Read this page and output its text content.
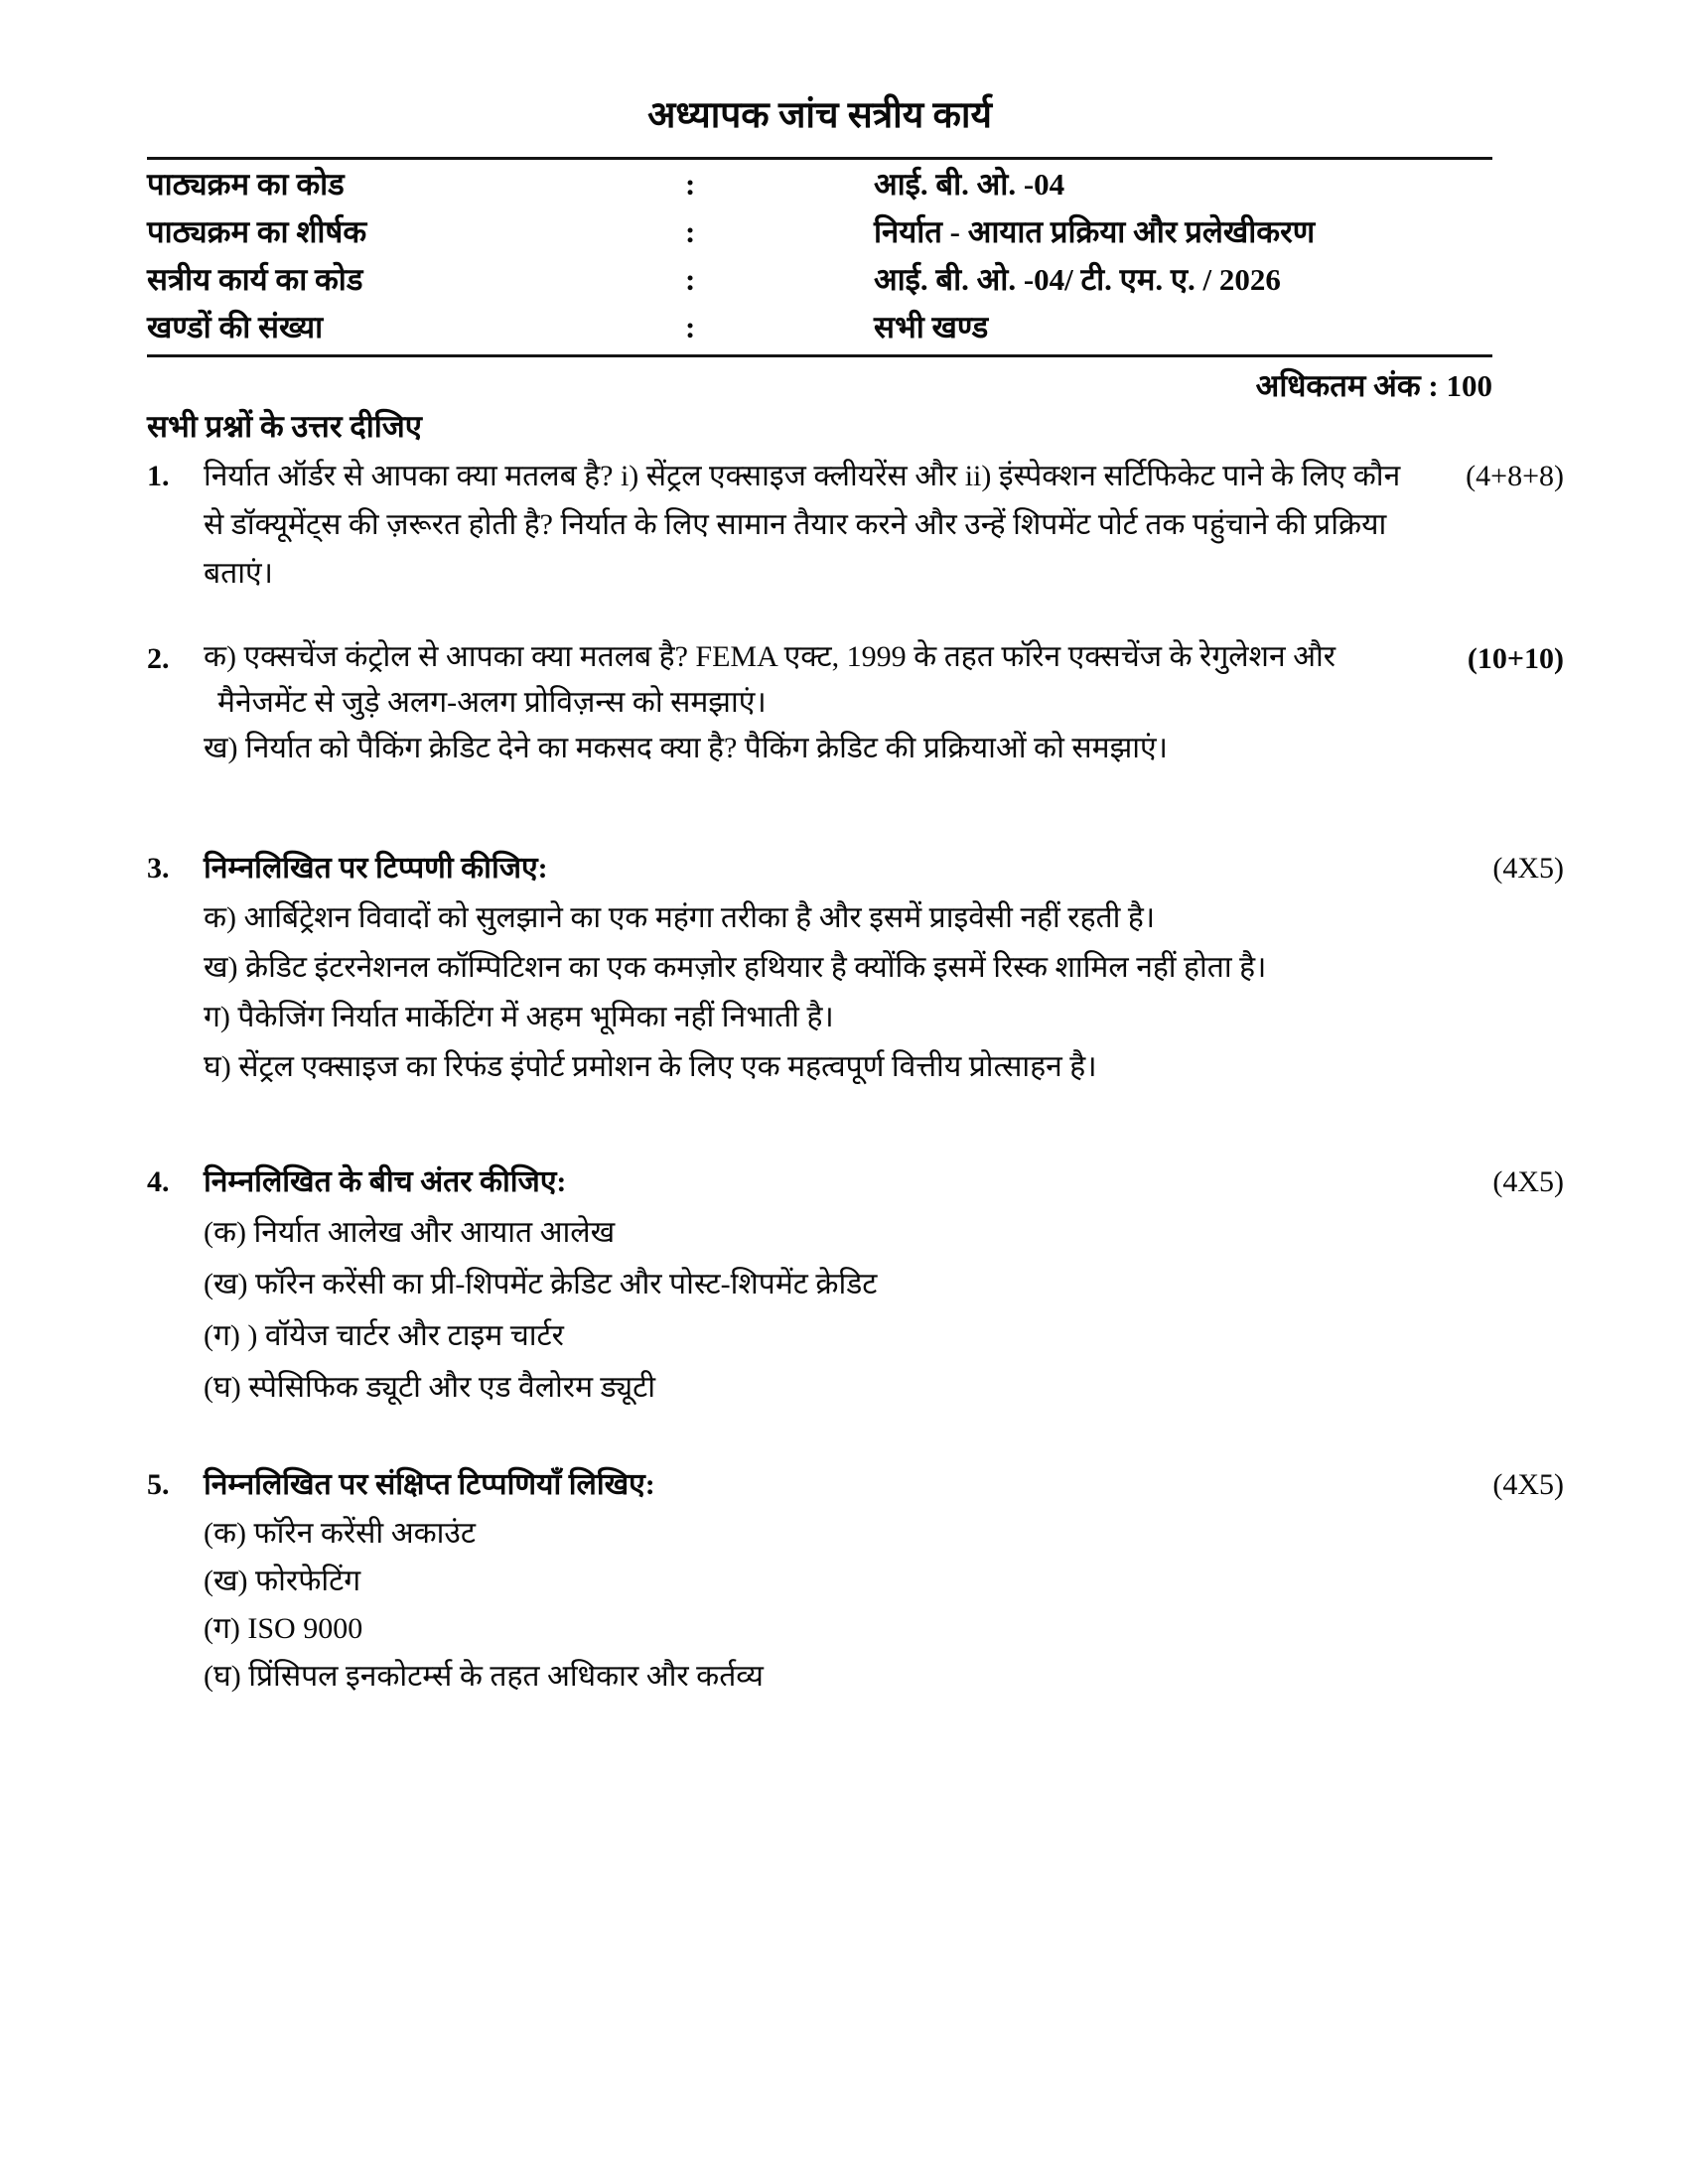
अध्यापक जांच सत्रीय कार्य
पाठ्यक्रम का कोड	:	आई. बी. ओ. -04
पाठ्यक्रम का शीर्षक	:	निर्यात - आयात प्रक्रिया और प्रलेखीकरण
सत्रीय कार्य का कोड	:	आई. बी. ओ. -04/ टी. एम. ए. / 2026
खण्डों की संख्या	:	सभी खण्ड
अधिकतम अंक : 100
सभी प्रश्नों के उत्तर दीजिए
1.	निर्यात ऑर्डर से आपका क्या मतलब है? i) सेंट्रल एक्साइज क्लीयरेंस और ii) इंस्पेक्शन सर्टिफिकेट पाने के लिए कौन से डॉक्यूमेंट्स की ज़रूरत होती है? निर्यात के लिए सामान तैयार करने और उन्हें शिपमेंट पोर्ट तक पहुंचाने की प्रक्रिया बताएं।
(4+8+8)
2.	क) एक्सचेंज कंट्रोल से आपका क्या मतलब है? FEMA एक्ट, 1999 के तहत फॉरेन एक्सचेंज के रेगुलेशन और मैनेजमेंट से जुड़े अलग-अलग प्रोविज़न्स को समझाएं।
ख) निर्यात को पैकिंग क्रेडिट देने का मकसद क्या है? पैकिंग क्रेडिट की प्रक्रियाओं को समझाएं।
(10+10)
3.	निम्नलिखित पर टिप्पणी कीजिए:
क) आर्बिट्रेशन विवादों को सुलझाने का एक महंगा तरीका है और इसमें प्राइवेसी नहीं रहती है।
ख) क्रेडिट इंटरनेशनल कॉम्पिटिशन का एक कमज़ोर हथियार है क्योंकि इसमें रिस्क शामिल नहीं होता है।
ग) पैकेजिंग निर्यात मार्केटिंग में अहम भूमिका नहीं निभाती है।
घ) सेंट्रल एक्साइज का रिफंड इंपोर्ट प्रमोशन के लिए एक महत्वपूर्ण वित्तीय प्रोत्साहन है।
(4X5)
4.	निम्नलिखित के बीच अंतर कीजिए:
(क) निर्यात आलेख और आयात आलेख
(ख) फॉरेन करेंसी का प्री-शिपमेंट क्रेडिट और पोस्ट-शिपमेंट क्रेडिट
(ग) ) वॉयेज चार्टर और टाइम चार्टर
(घ) स्पेसिफिक ड्यूटी और एड वैलोरम ड्यूटी
(4X5)
5.	निम्नलिखित पर संक्षिप्त टिप्पणियाँ लिखिए:
(क) फॉरेन करेंसी अकाउंट
(ख) फोरफेटिंग
(ग) ISO 9000
(घ) प्रिंसिपल इनकोटर्म्स के तहत अधिकार और कर्तव्य
(4X5)
